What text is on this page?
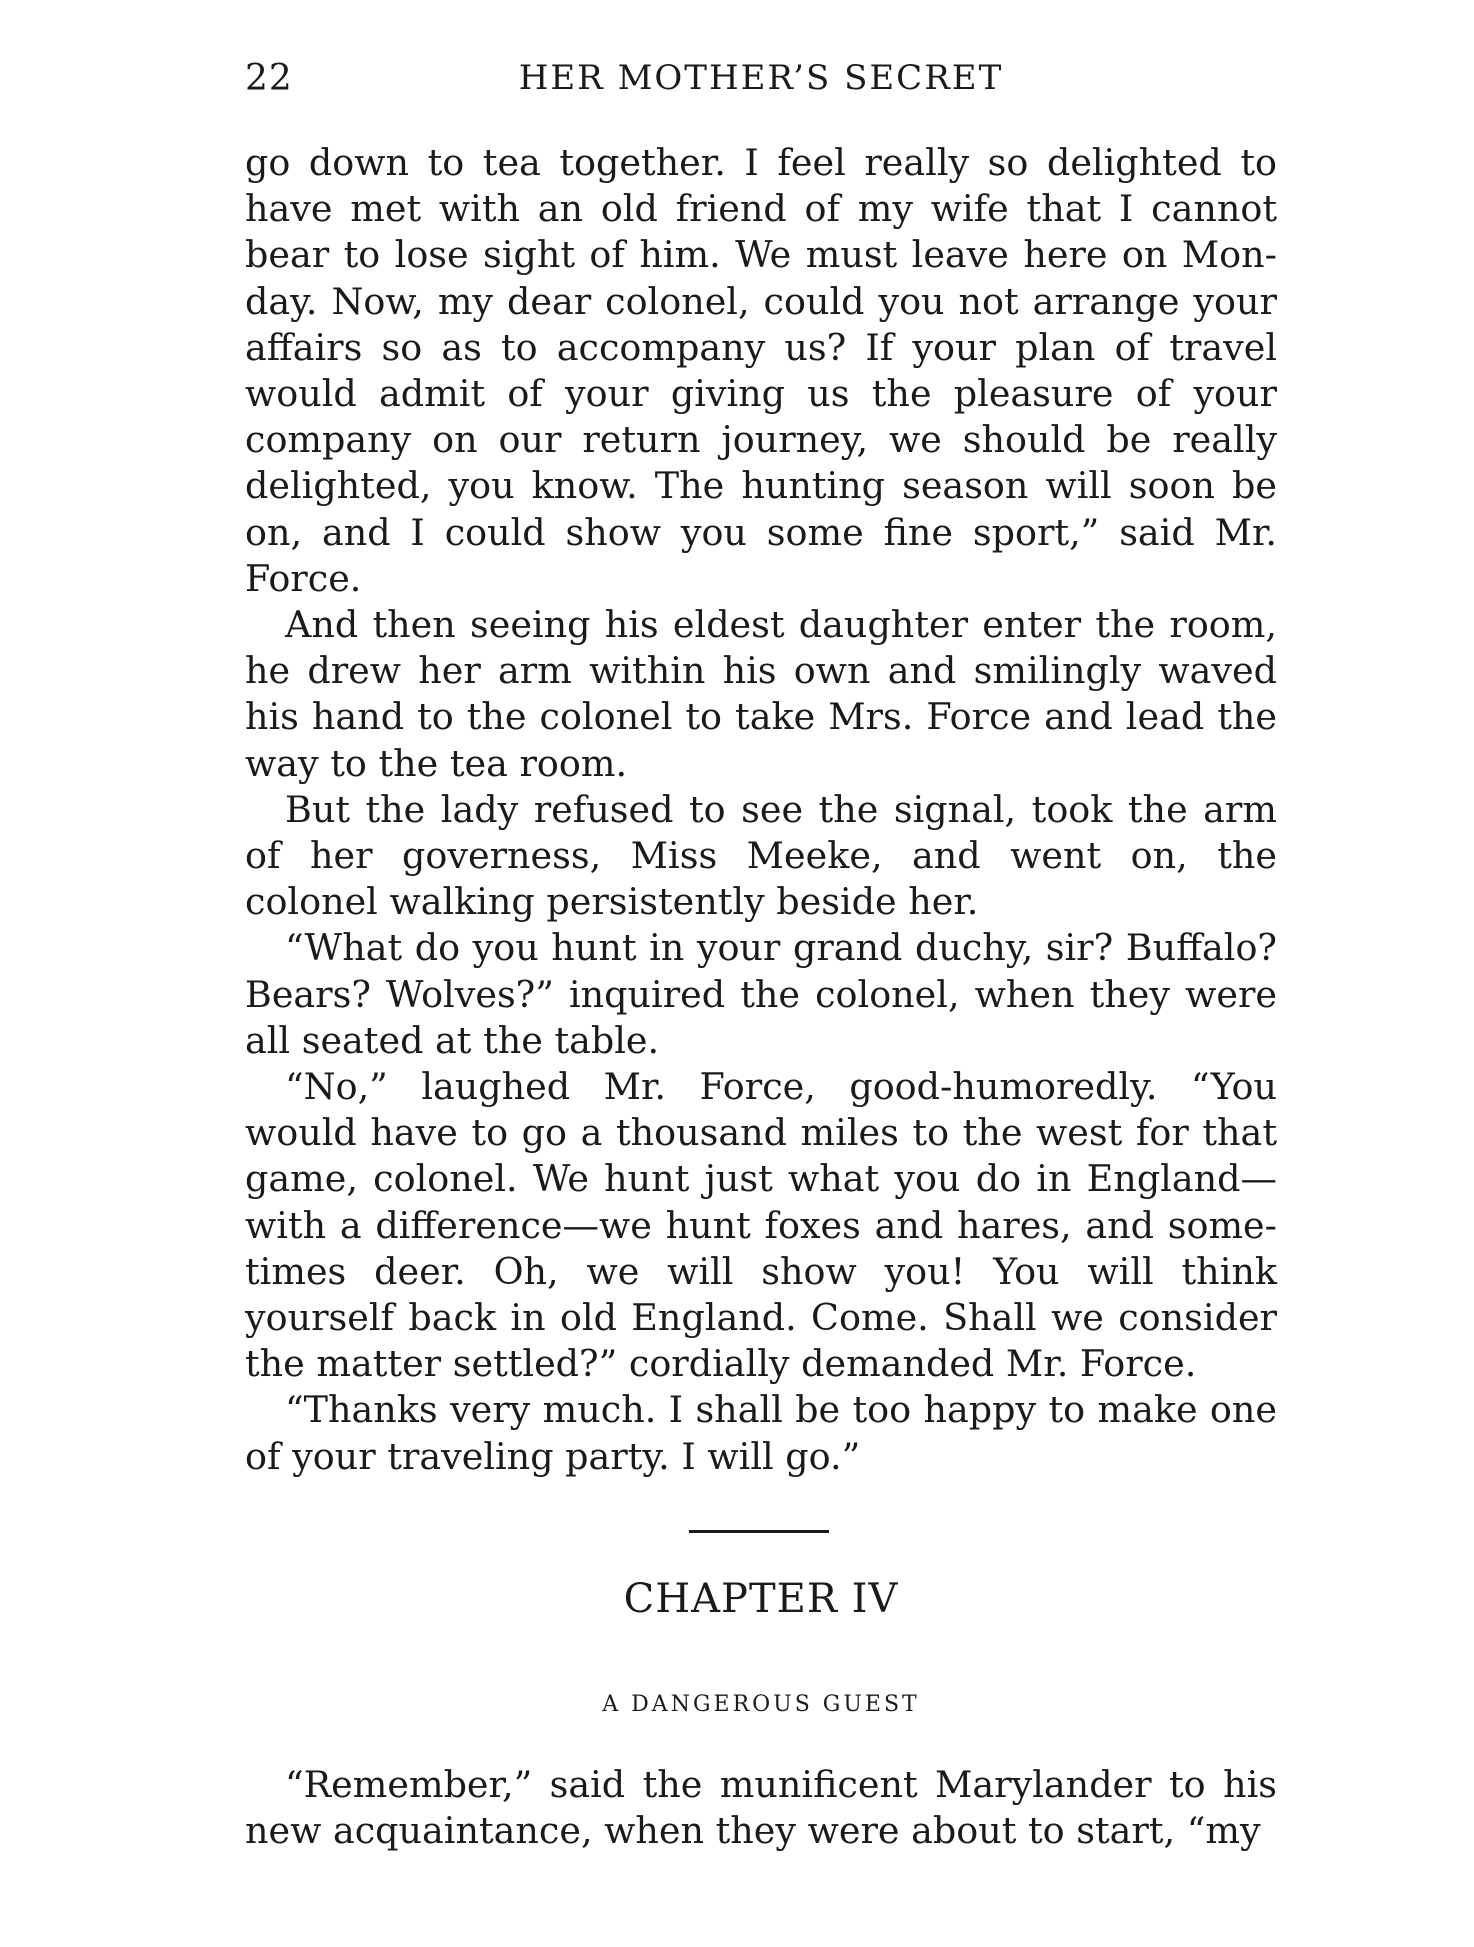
22	HER MOTHER’S SECRET

go down to tea together. I feel really so delighted to have met with an old friend of my wife that I cannot bear to lose sight of him. We must leave here on Monday. Now, my dear colonel, could you not arrange your affairs so as to accompany us? If your plan of travel would admit of your giving us the pleasure of your company on our return journey, we should be really delighted, you know. The hunting season will soon be on, and I could show you some fine sport,” said Mr. Force.

And then seeing his eldest daughter enter the room, he drew her arm within his own and smilingly waved his hand to the colonel to take Mrs. Force and lead the way to the tea room.

But the lady refused to see the signal, took the arm of her governess, Miss Meeke, and went on, the colonel walking persistently beside her.

“What do you hunt in your grand duchy, sir? Buffalo? Bears? Wolves?” inquired the colonel, when they were all seated at the table.

“No,” laughed Mr. Force, good-humoredly. “You would have to go a thousand miles to the west for that game, colonel. We hunt just what you do in England—with a difference—we hunt foxes and hares, and sometimes deer. Oh, we will show you! You will think yourself back in old England. Come. Shall we consider the matter settled?” cordially demanded Mr. Force.

“Thanks very much. I shall be too happy to make one of your traveling party. I will go.”

CHAPTER IV
A DANGEROUS GUEST

“Remember,” said the munificent Marylander to his new acquaintance, when they were about to start, “my
